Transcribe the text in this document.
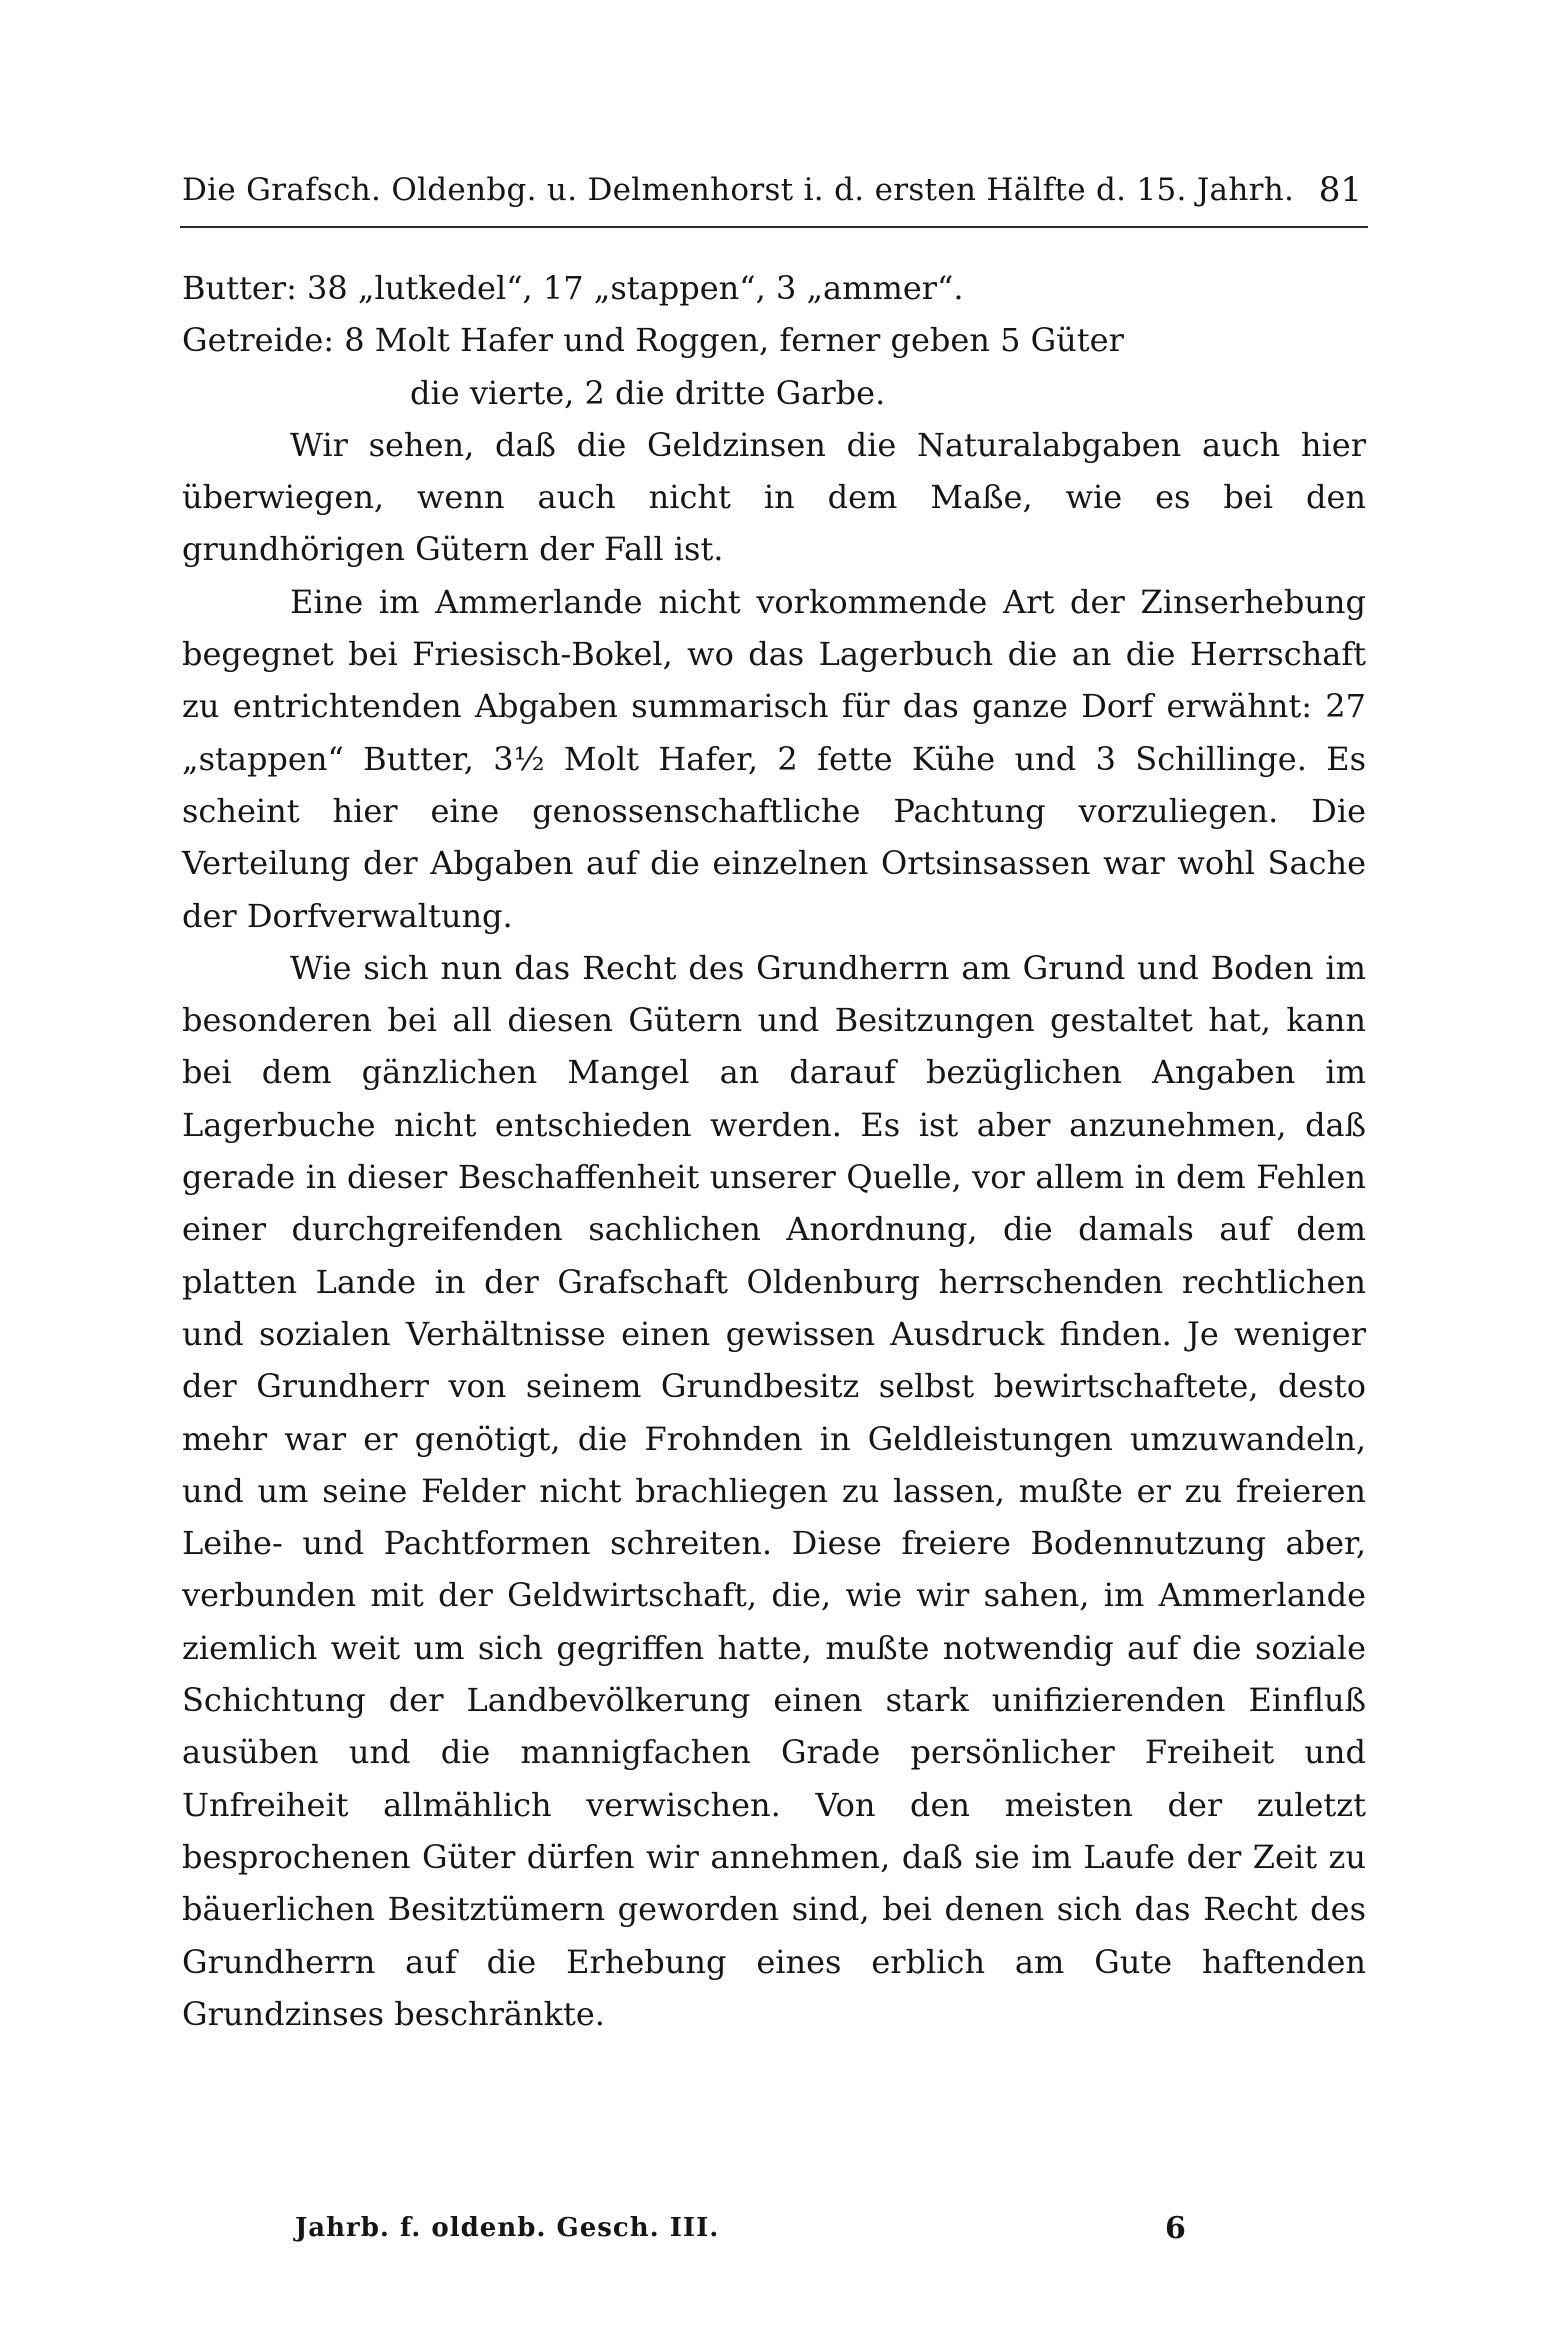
Die Grafsch. Oldenbg. u. Delmenhorst i. d. ersten Hälfte d. 15. Jahrh. 81

Butter: 38 „lutkedel“, 17 „stappen“, 3 „ammer“.

Getreide: 8 Molt Hafer und Roggen, ferner geben 5 Güter

die vierte, 2 die dritte Garbe.

Wir sehen, daß die Geldzinsen die Naturalabgaben auch hier überwiegen, wenn auch nicht in dem Maße, wie es bei den grundhörigen Gütern der Fall ist.

Eine im Ammerlande nicht vorkommende Art der Zinserhebung begegnet bei Friesisch-Bokel, wo das Lagerbuch die an die Herrschaft zu entrichtenden Abgaben summarisch für das ganze Dorf erwähnt: 27 „stappen“ Butter, 3½ Molt Hafer, 2 fette Kühe und 3 Schillinge. Es scheint hier eine genossenschaftliche Pachtung vorzuliegen. Die Verteilung der Abgaben auf die einzelnen Ortsinsassen war wohl Sache der Dorfverwaltung.

Wie sich nun das Recht des Grundherrn am Grund und Boden im besonderen bei all diesen Gütern und Besitzungen gestaltet hat, kann bei dem gänzlichen Mangel an darauf bezüglichen Angaben im Lagerbuche nicht entschieden werden. Es ist aber anzunehmen, daß gerade in dieser Beschaffenheit unserer Quelle, vor allem in dem Fehlen einer durchgreifenden sachlichen Anordnung, die damals auf dem platten Lande in der Grafschaft Oldenburg herrschenden rechtlichen und sozialen Verhältnisse einen gewissen Ausdruck finden. Je weniger der Grundherr von seinem Grundbesitz selbst bewirtschaftete, desto mehr war er genötigt, die Frohnden in Geldleistungen umzuwandeln, und um seine Felder nicht brachliegen zu lassen, mußte er zu freieren Leihe- und Pachtformen schreiten. Diese freiere Bodennutzung aber, verbunden mit der Geldwirtschaft, die, wie wir sahen, im Ammerlande ziemlich weit um sich gegriffen hatte, mußte notwendig auf die soziale Schichtung der Landbevölkerung einen stark unifizierenden Einfluß ausüben und die mannigfachen Grade persönlicher Freiheit und Unfreiheit allmählich verwischen. Von den meisten der zuletzt besprochenen Güter dürfen wir annehmen, daß sie im Laufe der Zeit zu bäuerlichen Besitztümern geworden sind, bei denen sich das Recht des Grundherrn auf die Erhebung eines erblich am Gute haftenden Grundzinses beschränkte.

Jahrb. f. oldenb. Gesch. III.	6
